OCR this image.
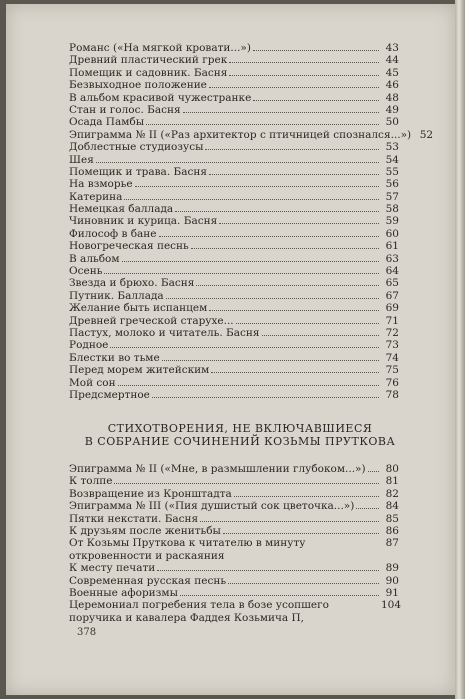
Романс («На мягкой кровати...»)	43
Древний пластический грек	44
Помещик и садовник. Басня	45
Безвыходное положение	46
В альбом красивой чужестранке	48
Стан и голос. Басня	49
Осада Памбы	50
Эпиграмма № II («Раз архитектор с птичницей спознался...») 52
Доблестные студиозусы	53
Шея	54
Помещик и трава. Басня	55
На взморье	56
Катерина	57
Немецкая баллада	58
Чиновник и курица. Басня	59
Философ в бане	60
Новогреческая песнь	61
В альбом	63
Осень	64
Звезда и брюхо. Басня	65
Путник. Баллада	67
Желание быть испанцем	69
Древней греческой старухе...	71
Пастух, молоко и читатель. Басня	72
Родное	73
Блестки во тьме	74
Перед морем житейским	75
Мой сон	76
Предсмертное	78
СТИХОТВОРЕНИЯ, НЕ ВКЛЮЧАВШИЕСЯ
В СОБРАНИЕ СОЧИНЕНИЙ КОЗЬМЫ ПРУТКОВА
Эпиграмма № II («Мне, в размышлении глубоком...»)	80
К толпе	81
Возвращение из Кронштадта	82
Эпиграмма № III («Пия душистый сок цветочка...»)	84
Пятки некстати. Басня	85
К друзьям после женитьбы	86
От Козьмы Пруткова к читателю в минуту откровенности и раскаяния
87
К месту печати	89
Современная русская песнь	90
Военные афоризмы	91
Церемониал погребения тела в бозе усопшего поручика и кавалера Фаддея Козьмича П,
104
378
